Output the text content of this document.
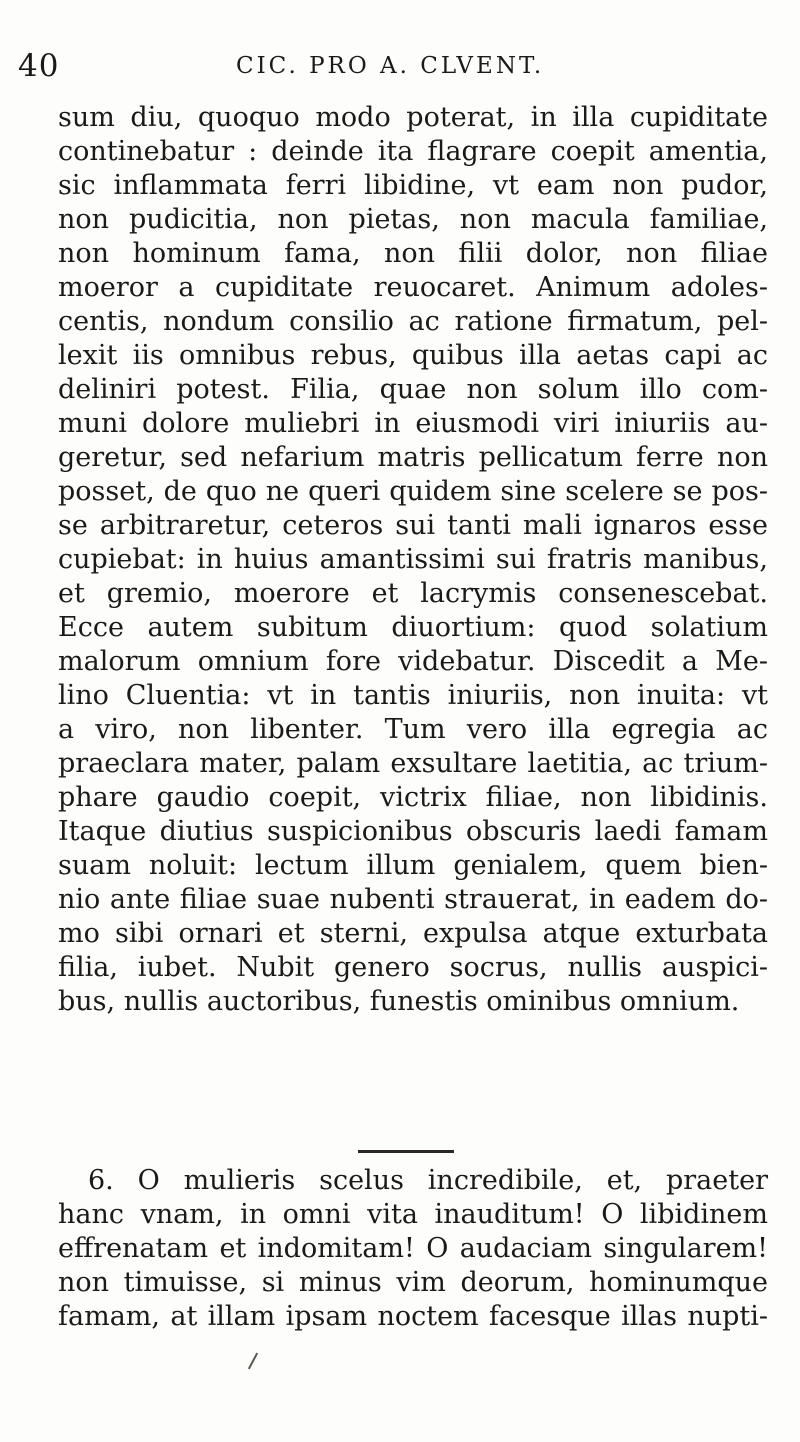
40	CIC. PRO A. CLVENT.
sum diu, quoquo modo poterat, in illa cupiditate
continebatur : deinde ita flagrare coepit amentia,
sic inflammata ferri libidine, vt eam non pudor,
non pudicitia, non pietas, non macula familiae,
non hominum fama, non filii dolor, non filiae
moeror a cupiditate reuocaret. Animum adoles-
centis, nondum consilio ac ratione firmatum, pel-
lexit iis omnibus rebus, quibus illa aetas capi ac
deliniri potest. Filia, quae non solum illo com-
muni dolore muliebri in eiusmodi viri iniuriis au-
geretur, sed nefarium matris pellicatum ferre non
posset, de quo ne queri quidem sine scelere se pos-
se arbitraretur, ceteros sui tanti mali ignaros esse
cupiebat: in huius amantissimi sui fratris manibus,
et gremio, moerore et lacrymis consenescebat.
Ecce autem subitum diuortium: quod solatium
malorum omnium fore videbatur. Discedit a Me-
lino Cluentia: vt in tantis iniuriis, non inuita: vt
a viro, non libenter. Tum vero illa egregia ac
praeclara mater, palam exsultare laetitia, ac trium-
phare gaudio coepit, victrix filiae, non libidinis.
Itaque diutius suspicionibus obscuris laedi famam
suam noluit: lectum illum genialem, quem bien-
nio ante filiae suae nubenti strauerat, in eadem do-
mo sibi ornari et sterni, expulsa atque exturbata
filia, iubet. Nubit genero socrus, nullis auspici-
bus, nullis auctoribus, funestis ominibus omnium.
6. O mulieris scelus incredibile, et, praeter
hanc vnam, in omni vita inauditum! O libidinem
effrenatam et indomitam! O audaciam singularem!
non timuisse, si minus vim deorum, hominumque
famam, at illam ipsam noctem facesque illas nupti-
